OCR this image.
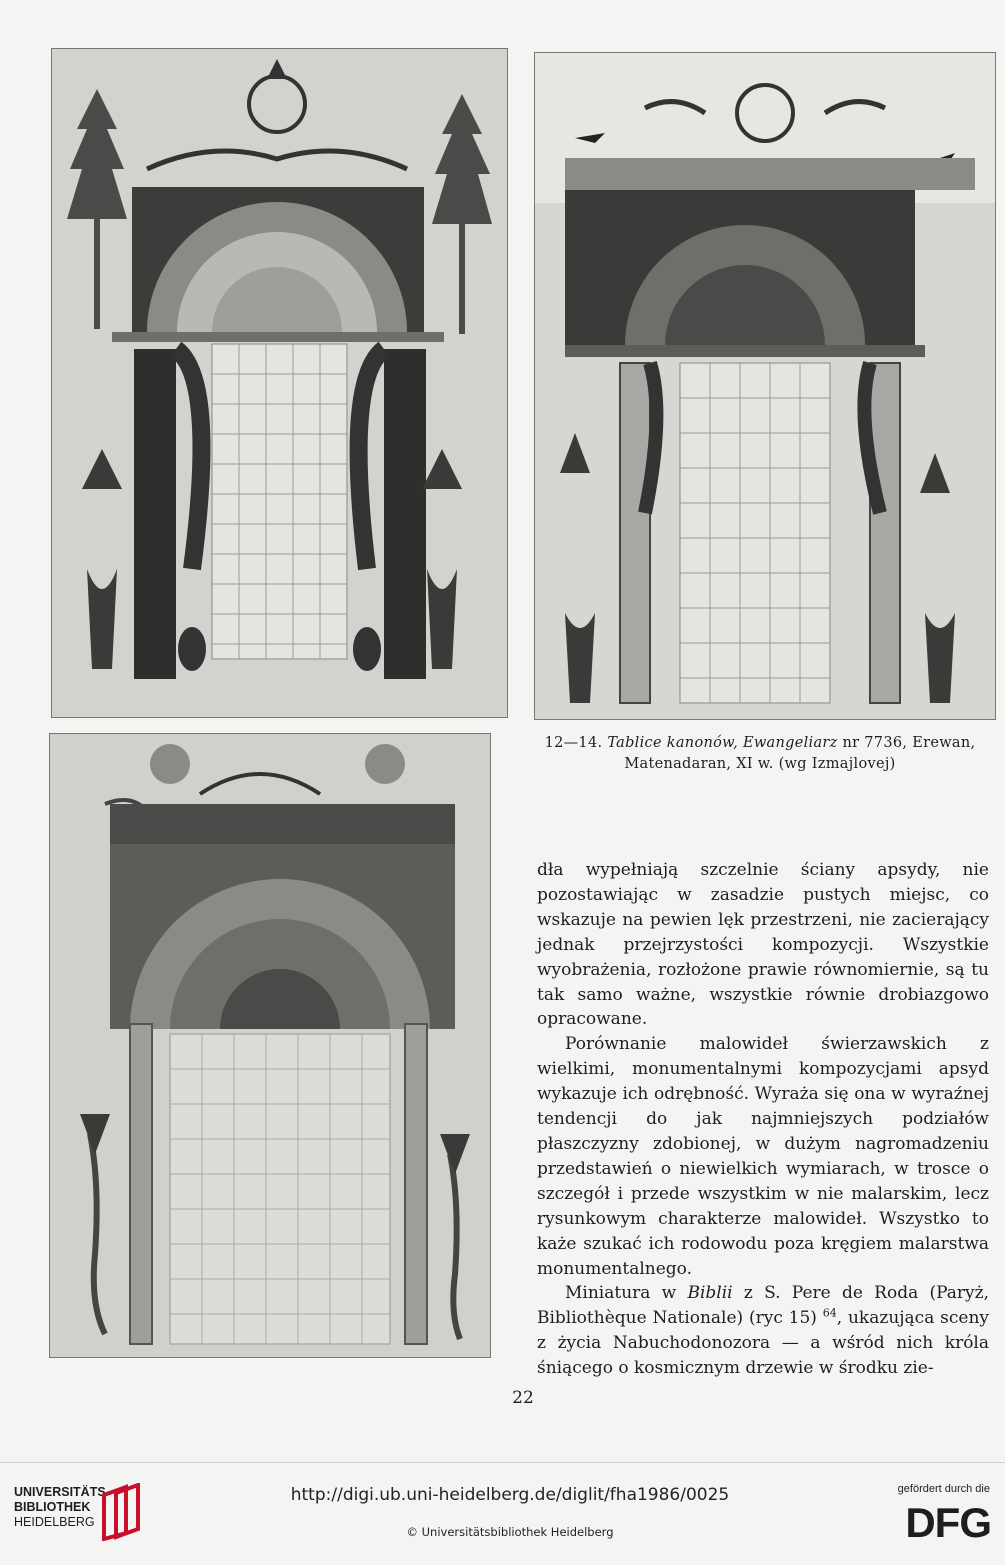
12—14. Tablice kanonów, Ewangeliarz nr 7736, Erewan,
Matenadaran, XI w. (wg Izmajlovej)

dła wypełniają szczelnie ściany apsydy, nie pozostawiając w zasadzie pustych miejsc, co wskazuje na pewien lęk przestrzeni, nie zacierający jednak przejrzystości kompozycji. Wszystkie wyobrażenia, rozłożone prawie równomiernie, są tu tak samo ważne, wszystkie równie drobiazgowo opracowane.

Porównanie malowideł świerzawskich z wielkimi, monumentalnymi kompozycjami apsyd wykazuje ich odrębność. Wyraża się ona w wyraźnej tendencji do jak najmniejszych podziałów płaszczyzny zdobionej, w dużym nagromadzeniu przedstawień o niewielkich wymiarach, w trosce o szczegół i przede wszystkim w nie malarskim, lecz rysunkowym charakterze malowideł. Wszystko to każe szukać ich rodowodu poza kręgiem malarstwa monumentalnego.

Miniatura w Biblii z S. Pere de Roda (Paryż, Bibliothèque Nationale) (ryc 15) $^{64}$, ukazująca sceny z życia Nabuchodonozora — a wśród nich króla śniącego o kosmicznym drzewie w środku zie-

22
UNIVERSITÄTS-
BIBLIOTHEK
HEIDELBERG
http://digi.ub.uni-heidelberg.de/diglit/fha1986/0025
© Universitätsbibliothek Heidelberg
gefördert durch die
DFG
